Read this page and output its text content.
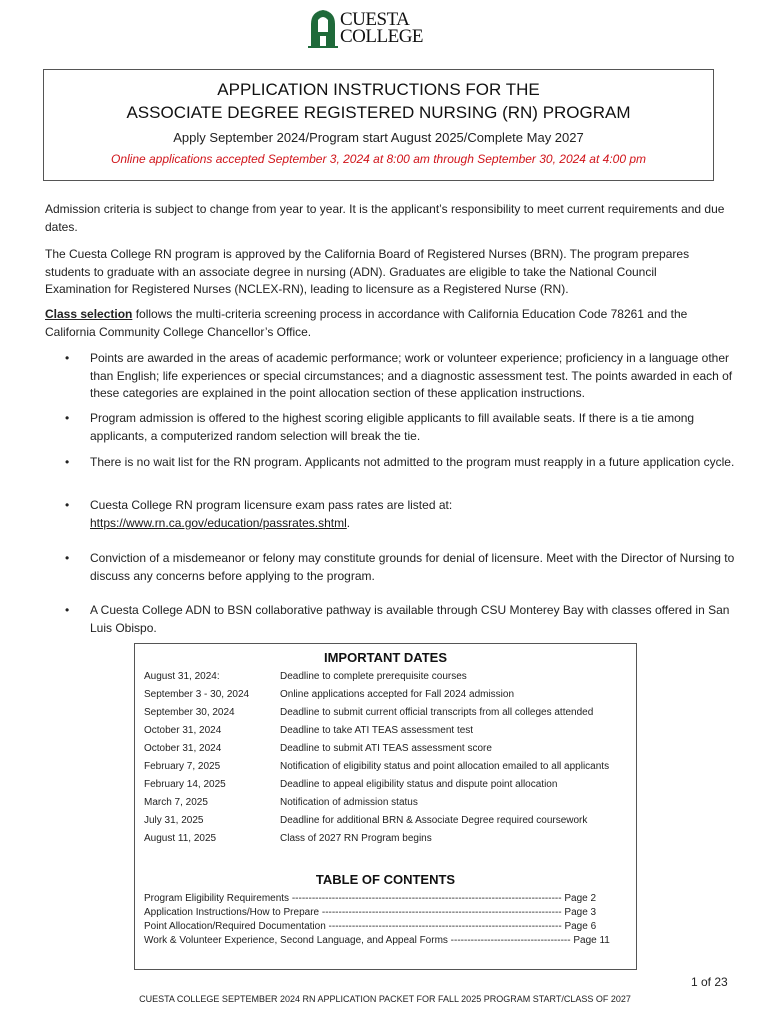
CUESTA
COLLEGE
APPLICATION INSTRUCTIONS FOR THE
ASSOCIATE DEGREE REGISTERED NURSING (RN) PROGRAM
Apply September 2024/Program start August 2025/Complete May 2027
Online applications accepted September 3, 2024 at 8:00 am through September 30, 2024 at 4:00 pm
Admission criteria is subject to change from year to year. It is the applicant’s responsibility to meet current requirements and due dates.
The Cuesta College RN program is approved by the California Board of Registered Nurses (BRN). The program prepares students to graduate with an associate degree in nursing (ADN). Graduates are eligible to take the National Council Examination for Registered Nurses (NCLEX-RN), leading to licensure as a Registered Nurse (RN).
Class selection follows the multi-criteria screening process in accordance with California Education Code 78261 and the California Community College Chancellor’s Office.
• Points are awarded in the areas of academic performance; work or volunteer experience; proficiency in a language other than English; life experiences or special circumstances; and a diagnostic assessment test. The points awarded in each of these categories are explained in the point allocation section of these application instructions.
• Program admission is offered to the highest scoring eligible applicants to fill available seats. If there is a tie among applicants, a computerized random selection will break the tie.
• There is no wait list for the RN program. Applicants not admitted to the program must reapply in a future application cycle.
• Cuesta College RN program licensure exam pass rates are listed at:
https://www.rn.ca.gov/education/passrates.shtml.
• Conviction of a misdemeanor or felony may constitute grounds for denial of licensure. Meet with the Director of Nursing to discuss any concerns before applying to the program.
• A Cuesta College ADN to BSN collaborative pathway is available through CSU Monterey Bay with classes offered in San Luis Obispo.
IMPORTANT DATES
August 31, 2024:	Deadline to complete prerequisite courses
September 3 - 30, 2024	Online applications accepted for Fall 2024 admission
September 30, 2024	Deadline to submit current official transcripts from all colleges attended
October 31, 2024	Deadline to take ATI TEAS assessment test
October 31, 2024	Deadline to submit ATI TEAS assessment score
February 7, 2025	Notification of eligibility status and point allocation emailed to all applicants
February 14, 2025	Deadline to appeal eligibility status and dispute point allocation
March 7, 2025	Notification of admission status
July 31, 2025	Deadline for additional BRN & Associate Degree required coursework
August 11, 2025	Class of 2027 RN Program begins
TABLE OF CONTENTS
Program Eligibility Requirements --------------------------------------------------------------------------------- Page 2
Application Instructions/How to Prepare ------------------------------------------------------------------------ Page 3
Point Allocation/Required Documentation ---------------------------------------------------------------------- Page 6
Work & Volunteer Experience, Second Language, and Appeal Forms ------------------------------------ Page 11
1 of 23
CUESTA COLLEGE SEPTEMBER 2024 RN APPLICATION PACKET FOR FALL 2025 PROGRAM START/CLASS OF 2027
